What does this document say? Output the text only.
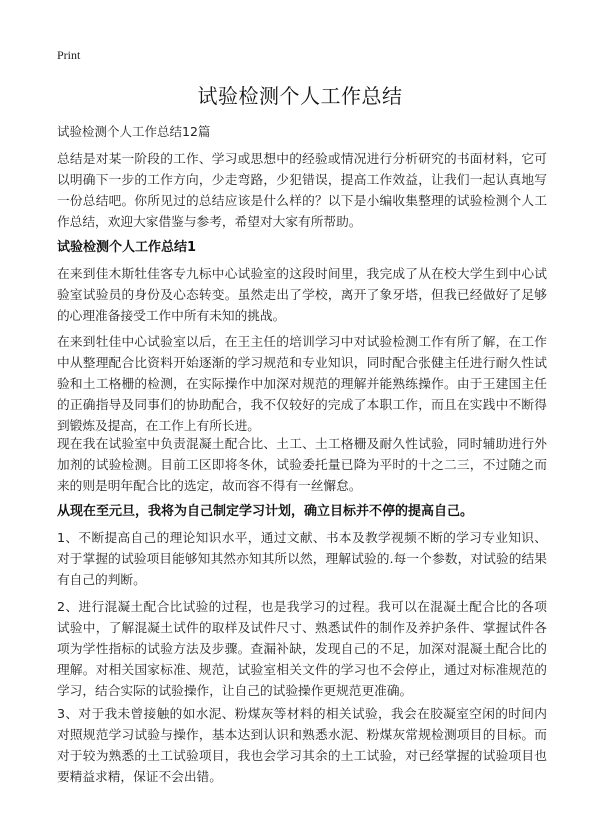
Print
试验检测个人工作总结
试验检测个人工作总结12篇

总结是对某一阶段的工作、学习或思想中的经验或情况进行分析研究的书面材料，它可以明确下一步的工作方向，少走弯路，少犯错误，提高工作效益，让我们一起认真地写一份总结吧。你所见过的总结应该是什么样的？以下是小编收集整理的试验检测个人工作总结，欢迎大家借鉴与参考，希望对大家有所帮助。

试验检测个人工作总结1

在来到佳木斯牡佳客专九标中心试验室的这段时间里，我完成了从在校大学生到中心试验室试验员的身份及心态转变。虽然走出了学校，离开了象牙塔，但我已经做好了足够的心理准备接受工作中所有未知的挑战。

在来到牡佳中心试验室以后，在王主任的培训学习中对试验检测工作有所了解，在工作中从整理配合比资料开始逐渐的学习规范和专业知识，同时配合张健主任进行耐久性试验和土工格栅的检测，在实际操作中加深对规范的理解并能熟练操作。由于王建国主任的正确指导及同事们的协助配合，我不仅较好的完成了本职工作，而且在实践中不断得到锻炼及提高，在工作上有所长进。

现在我在试验室中负责混凝土配合比、土工、土工格栅及耐久性试验，同时辅助进行外加剂的试验检测。目前工区即将冬休，试验委托量已降为平时的十之二三，不过随之而来的则是明年配合比的选定，故而容不得有一丝懈怠。

从现在至元旦，我将为自己制定学习计划，确立目标并不停的提高自己。

1、不断提高自己的理论知识水平，通过文献、书本及教学视频不断的学习专业知识、对于掌握的试验项目能够知其然亦知其所以然，理解试验的.每一个参数，对试验的结果有自己的判断。

2、进行混凝土配合比试验的过程，也是我学习的过程。我可以在混凝土配合比的各项试验中，了解混凝土试件的取样及试件尺寸、熟悉试件的制作及养护条件、掌握试件各项为学性指标的试验方法及步骤。查漏补缺，发现自己的不足，加深对混凝土配合比的理解。对相关国家标准、规范，试验室相关文件的学习也不会停止，通过对标准规范的学习，结合实际的试验操作，让自己的试验操作更规范更准确。

3、对于我未曾接触的如水泥、粉煤灰等材料的相关试验，我会在胶凝室空闲的时间内对照规范学习试验与操作，基本达到认识和熟悉水泥、粉煤灰常规检测项目的目标。而对于较为熟悉的土工试验项目，我也会学习其余的土工试验，对已经掌握的试验项目也要精益求精，保证不会出错。
